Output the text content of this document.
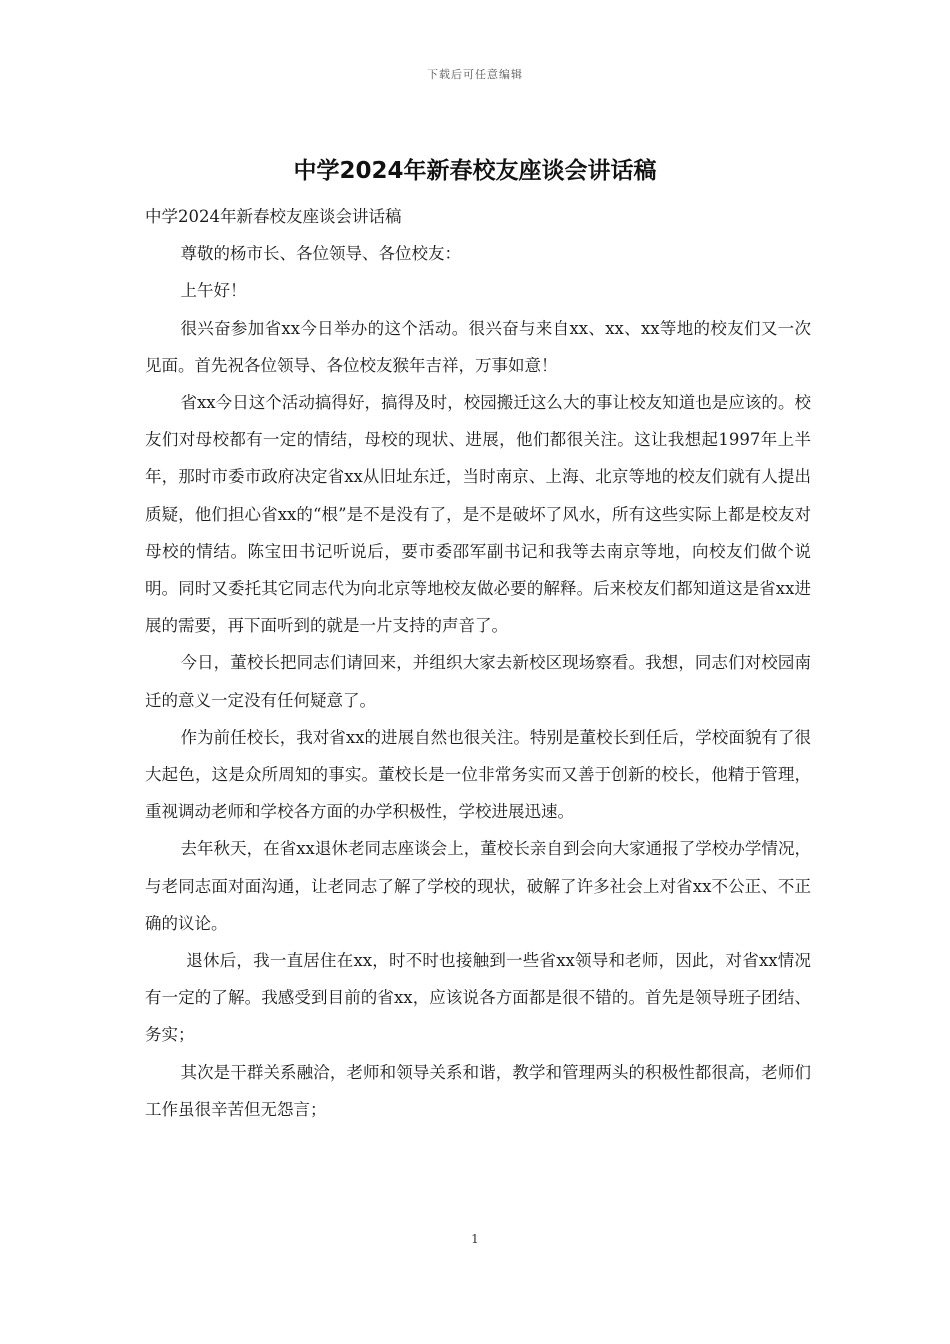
下载后可任意编辑
中学2024年新春校友座谈会讲话稿

中学2024年新春校友座谈会讲话稿

尊敬的杨市长、各位领导、各位校友：

上午好！

很兴奋参加省xx今日举办的这个活动。很兴奋与来自xx、xx、xx等地的校友们又一次见面。首先祝各位领导、各位校友猴年吉祥，万事如意！

省xx今日这个活动搞得好，搞得及时，校园搬迁这么大的事让校友知道也是应该的。校友们对母校都有一定的情结，母校的现状、进展，他们都很关注。这让我想起1997年上半年，那时市委市政府决定省xx从旧址东迁，当时南京、上海、北京等地的校友们就有人提出质疑，他们担心省xx的“根”是不是没有了，是不是破坏了风水，所有这些实际上都是校友对母校的情结。陈宝田书记听说后，要市委邵军副书记和我等去南京等地，向校友们做个说明。同时又委托其它同志代为向北京等地校友做必要的解释。后来校友们都知道这是省xx进展的需要，再下面听到的就是一片支持的声音了。

今日，董校长把同志们请回来，并组织大家去新校区现场察看。我想，同志们对校园南迁的意义一定没有任何疑意了。

作为前任校长，我对省xx的进展自然也很关注。特别是董校长到任后，学校面貌有了很大起色，这是众所周知的事实。董校长是一位非常务实而又善于创新的校长，他精于管理，重视调动老师和学校各方面的办学积极性，学校进展迅速。

去年秋天，在省xx退休老同志座谈会上，董校长亲自到会向大家通报了学校办学情况，与老同志面对面沟通，让老同志了解了学校的现状，破解了许多社会上对省xx不公正、不正确的议论。

退休后，我一直居住在xx，时不时也接触到一些省xx领导和老师，因此，对省xx情况有一定的了解。我感受到目前的省xx，应该说各方面都是很不错的。首先是领导班子团结、务实；

其次是干群关系融洽，老师和领导关系和谐，教学和管理两头的积极性都很高，老师们工作虽很辛苦但无怨言；

1
